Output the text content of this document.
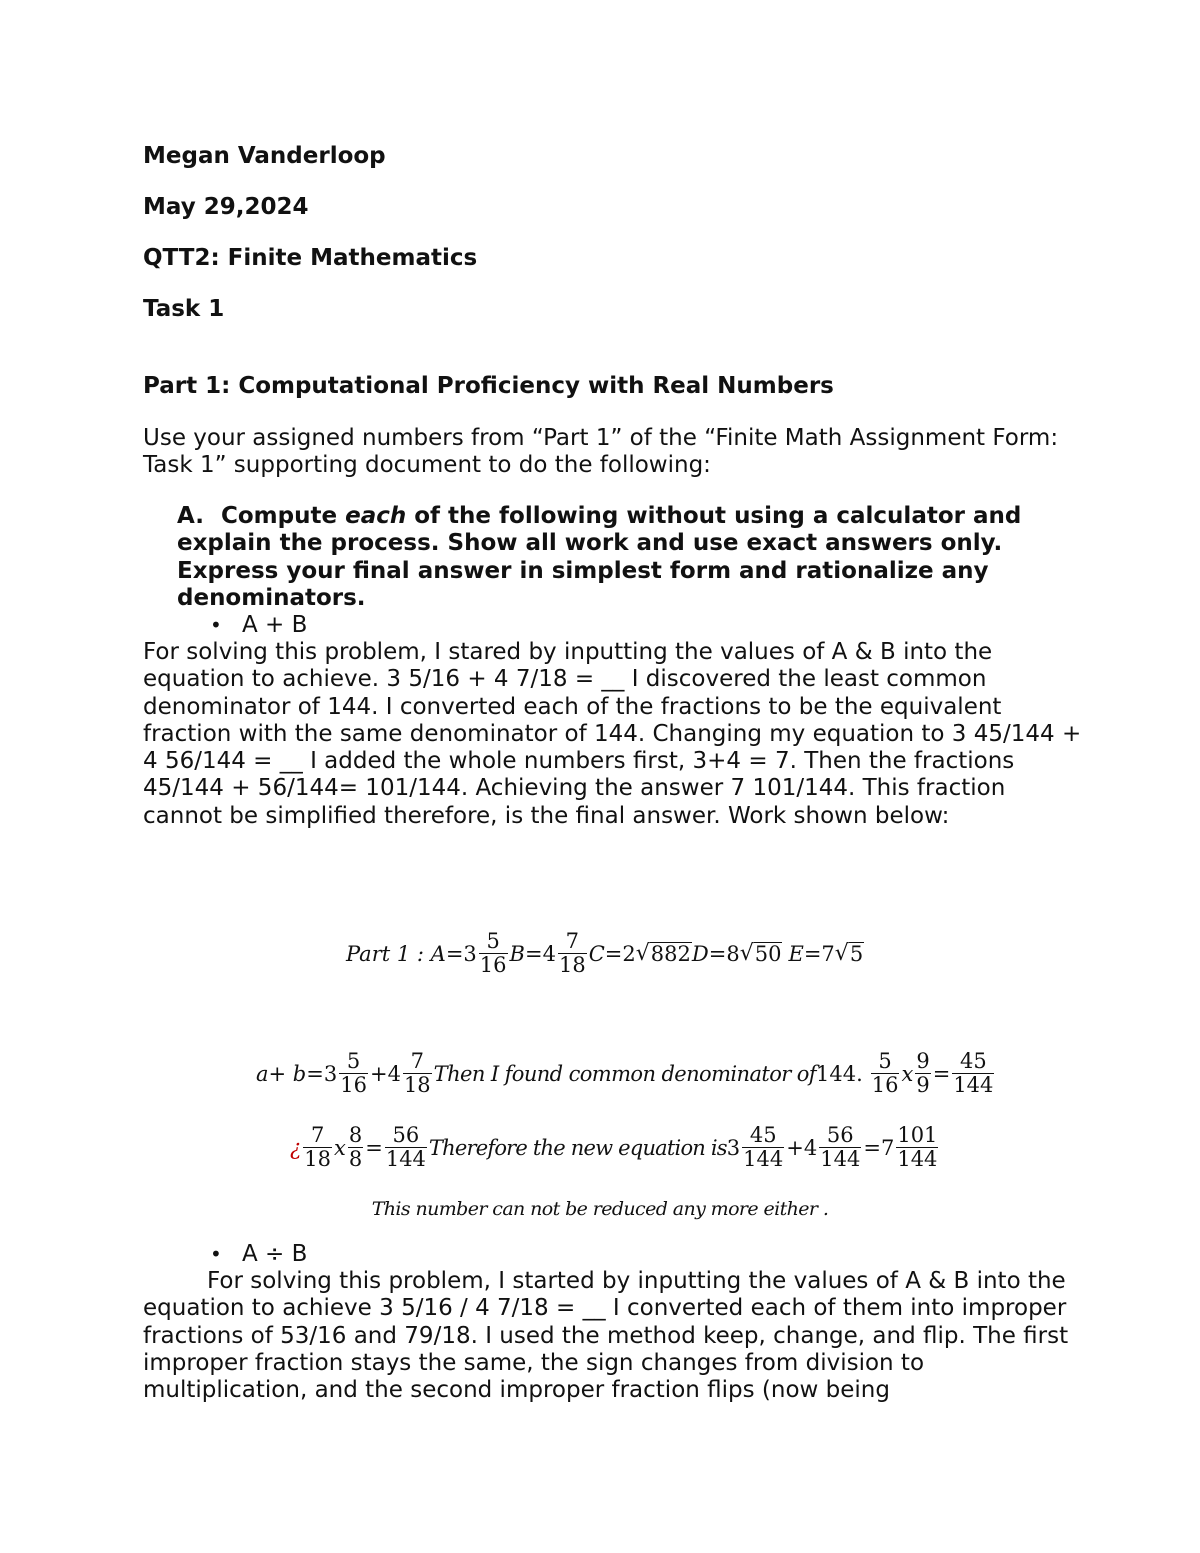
Megan Vanderloop
May 29,2024
QTT2: Finite Mathematics
Task 1
Part 1: Computational Proficiency with Real Numbers

Use your assigned numbers from “Part 1” of the “Finite Math Assignment Form: Task 1” supporting document to do the following:

A. Compute each of the following without using a calculator and explain the process. Show all work and use exact answers only. Express your final answer in simplest form and rationalize any denominators.
• A + B

For solving this problem, I stared by inputting the values of A & B into the equation to achieve. 3 5/16 + 4 7/18 = __ I discovered the least common denominator of 144. I converted each of the fractions to be the equivalent fraction with the same denominator of 144. Changing my equation to 3 45/144 + 4 56/144 = __ I added the whole numbers first, 3+4 = 7. Then the fractions 45/144 + 56/144= 101/144. Achieving the answer 7 101/144. This fraction cannot be simplified therefore, is the final answer. Work shown below:

Part 1 : $A = 3 \frac{5}{16}$ $B = 4 \frac{7}{18}$ C = 2 √ 882 D = 8 √ 50 E = 7 √ 5
$a+ b = 3 \frac{5}{16} + 4 \frac{7}{18}$ Then I found common denominator of 144. $\frac{5}{16}$ x $\frac{9}{9} = \frac{45}{144}$
¿ $\frac{7}{18}$ x $\frac{8}{8} = \frac{56}{144}$ Therefore the new equation is $3 \frac{45}{144} + 4 \frac{56}{144} = 7 \frac{101}{144}$
This number can not be reduced any more either .
• A ÷ B

For solving this problem, I started by inputting the values of A & B into the equation to achieve 3 5/16 / 4 7/18 = __ I converted each of them into improper fractions of 53/16 and 79/18. I used the method keep, change, and flip. The first improper fraction stays the same, the sign changes from division to multiplication, and the second improper fraction flips (now being
